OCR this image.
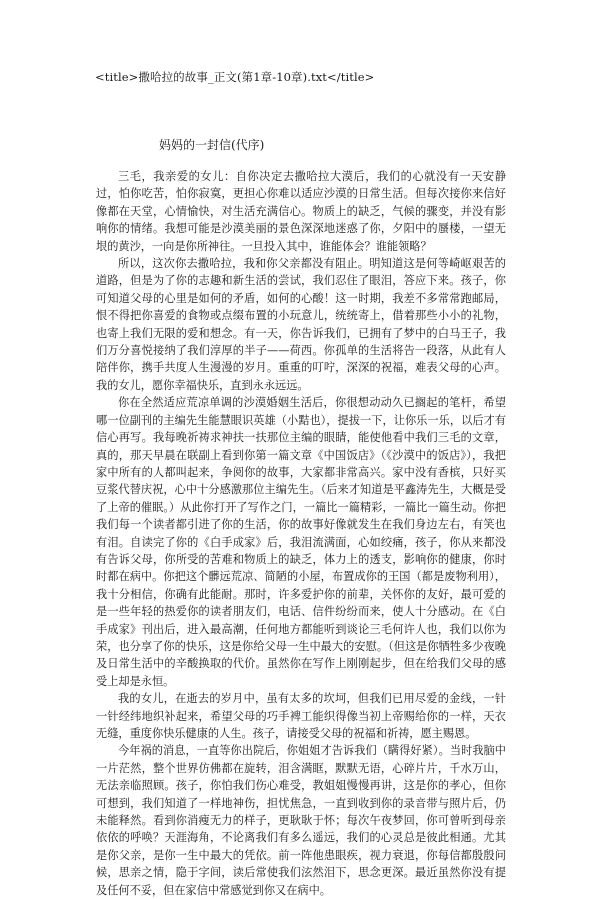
<title>撒哈拉的故事_正文(第1章-10章).txt</title>
妈妈的一封信(代序)

三毛，我亲爱的女儿：自你决定去撒哈拉大漠后，我们的心就没有一天安静过，怕你吃苦，怕你寂寞，更担心你难以适应沙漠的日常生活。但每次接你来信好像都在天堂，心情愉快，对生活充满信心。物质上的缺乏，气候的骤变，并没有影响你的情绪。我想可能是沙漠美丽的景色深深地迷惑了你，夕阳中的蜃楼，一望无垠的黄沙，一向是你所神往。一旦投入其中，谁能体会？谁能领略？

所以，这次你去撒哈拉，我和你父亲都没有阻止。明知道这是何等崎岖艰苦的道路，但是为了你的志趣和新生活的尝试，我们忍住了眼泪，答应下来。孩子，你可知道父母的心里是如何的矛盾，如何的心酸！这一时期，我差不多常常跑邮局，恨不得把你喜爱的食物或点缀布置的小玩意儿，统统寄上，借着那些小小的礼物，也寄上我们无限的爱和想念。有一天，你告诉我们，已拥有了梦中的白马王子，我们万分喜悦接纳了我们淳厚的半子——荷西。你孤单的生活将告一段落，从此有人陪伴你，携手共度人生漫漫的岁月。重重的叮咛，深深的祝福，难表父母的心声。我的女儿，愿你幸福快乐，直到永永远远。

你在全然适应荒凉单调的沙漠婚姻生活后，你很想动动久已搁起的笔杆，希望哪一位副刊的主编先生能慧眼识英雄（小黠也），提拔一下，让你乐一乐，以后才有信心再写。我每晚祈祷求神扶一扶那位主编的眼睛，能使他看中我们三毛的文章，真的，那天早晨在联副上看到你第一篇文章《中国饭店》（《沙漠中的饭店》），我把家中所有的人都叫起来，争阅你的故事，大家都非常高兴。家中没有香槟，只好买豆浆代替庆祝，心中十分感激那位主编先生。（后来才知道是平鑫涛先生，大概是受了上帝的催眠。）从此你打开了写作之门，一篇比一篇精彩，一篇比一篇生动。你把我们每一个读者都引进了你的生活，你的故事好像就发生在我们身边左右，有笑也有泪。自读完了你的《白手成家》后，我泪流满面，心如绞痛，孩子，你从来都没有告诉父母，你所受的苦难和物质上的缺乏，体力上的透支，影响你的健康，你时时都在病中。你把这个髒远荒凉、简陋的小屋，布置成你的王国（都是废物利用），我十分相信，你确有此能耐。那时，许多爱护你的前辈，关怀你的友好，最可爱的是一些年轻的热爱你的读者朋友们，电话、信件纷纷而来，使人十分感动。在《白手成家》刊出后，进入最高潮，任何地方都能听到谈论三毛何许人也，我们以你为荣，也分享了你的快乐，这是你给父母一生中最大的安慰。（但这是你牺牲多少夜晚及日常生活中的辛酸换取的代价。虽然你在写作上刚刚起步，但在给我们父母的感受上却是永恒。

我的女儿，在逝去的岁月中，虽有太多的坎坷，但我们已用尽爱的金线，一针一针经纬地织补起来，希望父母的巧手裨工能织得像当初上帝赐给你的一样，天衣无缝，重度你快乐健康的人生。孩子，请接受父母的祝福和祈祷，愿主赐恩。

今年祸的消息，一直等你出院后，你姐姐才告诉我们（瞒得好紧）。当时我脑中一片茫然，整个世界仿佛都在旋转，泪含满眶，默默无语，心碎片片，千水万山，无法亲临照顾。孩子，你怕我们伤心难受，教姐姐慢慢再讲，这是你的孝心，但你可想到，我们知道了一样地神伤，担忧焦急，一直到收到你的录音带与照片后，仍未能释然。看到你消瘦无力的样子，更耿耿于怀；每次午夜梦回，你可曾听到母亲依依的呼唤？天涯海角，不论离我们有多么遥远，我们的心灵总是彼此相通。尤其是你父亲，是你一生中最大的凭依。前一阵他患眼疾，视力衰退，你每信都殷殷问候，思亲之情，隐于字间，读后常使我们泫然泪下，思念更深。最近虽然你没有提及任何不妥，但在家信中常感觉到你又在病中。
